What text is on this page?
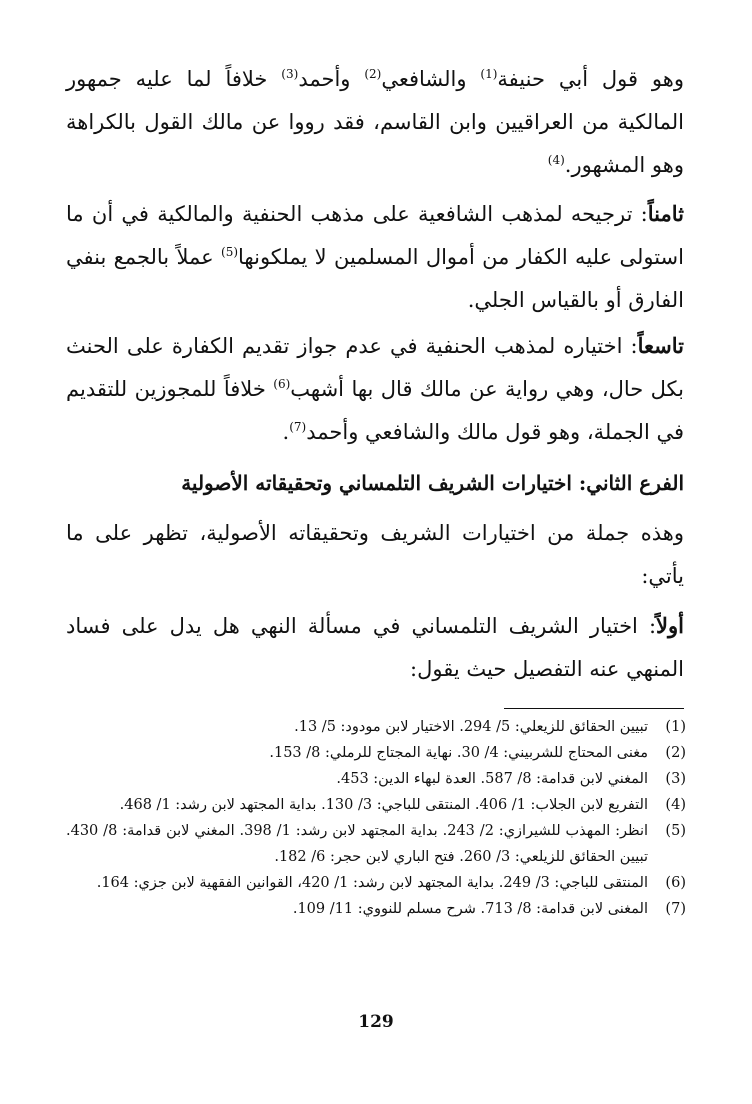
وهو قول أبي حنيفة$^{(1)}$ والشافعي$^{(2)}$ وأحمد$^{(3)}$ خلافاً لما عليه جمهور المالكية من العراقيين وابن القاسم، فقد رووا عن مالك القول بالكراهة وهو المشهور.$^{(4)}$
ثامناً: ترجيحه لمذهب الشافعية على مذهب الحنفية والمالكية في أن ما استولى عليه الكفار من أموال المسلمين لا يملكونها$^{(5)}$ عملاً بالجمع بنفي الفارق أو بالقياس الجلي.
تاسعاً: اختياره لمذهب الحنفية في عدم جواز تقديم الكفارة على الحنث بكل حال، وهي رواية عن مالك قال بها أشهب$^{(6)}$ خلافاً للمجوزين للتقديم في الجملة، وهو قول مالك والشافعي وأحمد$^{(7)}$.
الفرع الثاني: اختيارات الشريف التلمساني وتحقيقاته الأصولية
وهذه جملة من اختيارات الشريف وتحقيقاته الأصولية، تظهر على ما يأتي:
أولاً: اختيار الشريف التلمساني في مسألة النهي هل يدل على فساد المنهي عنه التفصيل حيث يقول:
(1)
تبيين الحقائق للزيعلي: 5/ 294. الاختيار لابن مودود: 5/ 13.
(2)
مغنى المحتاج للشربيني: 4/ 30. نهاية المجتاج للرملي: 8/ 153.
(3)
المغني لابن قدامة: 8/ 587. العدة لبهاء الدين: 453.
(4)
التفريع لابن الجلاب: 1/ 406. المنتقى للباجي: 3/ 130. بداية المجتهد لابن رشد: 1/ 468.
(5)
انظر: المهذب للشيرازي: 2/ 243. بداية المجتهد لابن رشد: 1/ 398. المغني لابن قدامة: 8/ 430. تبيين الحقائق للزيلعي: 3/ 260. فتح الباري لابن حجر: 6/ 182.
(6)
المنتقى للباجي: 3/ 249. بداية المجتهد لابن رشد: 1/ 420، القوانين الفقهية لابن جزي: 164.
(7)
المغنى لابن قدامة: 8/ 713. شرح مسلم للنووي: 11/ 109.
129
